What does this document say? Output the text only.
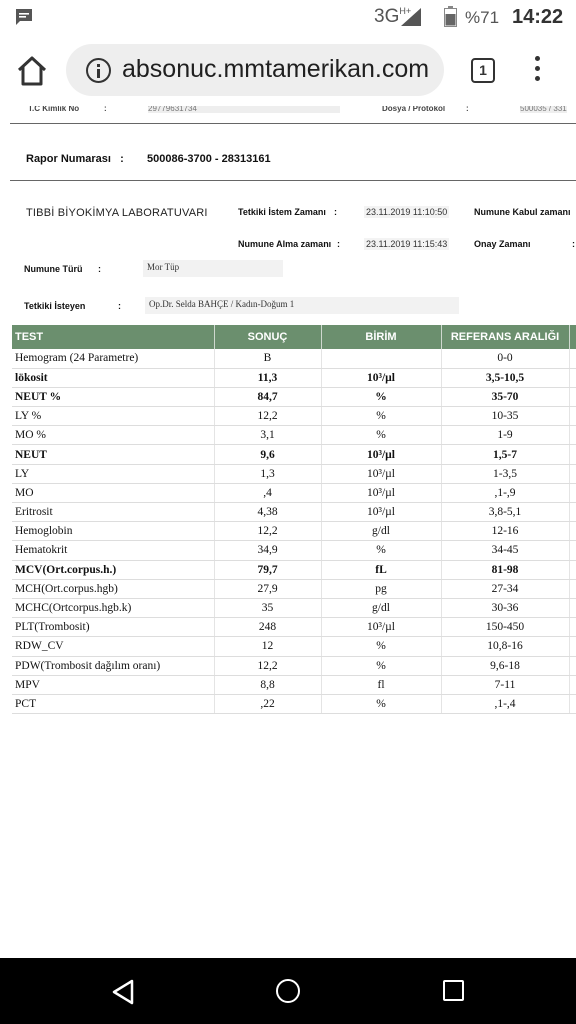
$3G^{H+}$	%71 14:22
absonuc.mmtamerikan.com	1
T.C Kimlik No	:	29779631734	Dosya / Protokol	:	500035 / 331
Rapor Numarası : 500086-3700 - 28313161
TIBBİ BİYOKİMYA LABORATUVARI	Tetkiki İstem Zamanı :	23.11.2019 11:10:50	Numune Kabul zamanı
Numune Alma zamanı :	23.11.2019 11:15:43	Onay Zamanı	:
Numune Türü :	Mor Tüp
Tetkiki İsteyen	:	Op.Dr. Selda BAHÇE / Kadın-Doğum 1
TEST	SONUÇ	BİRİM	REFERANS ARALIĞI	
Hemogram (24 Parametre)	B		0-0	
lökosit	11,3	10³/µl	3,5-10,5	
NEUT %	84,7	%	35-70	
LY %	12,2	%	10-35	
MO %	3,1	%	1-9	
NEUT	9,6	10³/µl	1,5-7	
LY	1,3	10³/µl	1-3,5	
MO	,4	10³/µl	,1-,9	
Eritrosit	4,38	10³/µl	3,8-5,1	
Hemoglobin	12,2	g/dl	12-16	
Hematokrit	34,9	%	34-45	
MCV(Ort.corpus.h.)	79,7	fL	81-98	
MCH(Ort.corpus.hgb)	27,9	pg	27-34	
MCHC(Ortcorpus.hgb.k)	35	g/dl	30-36	
PLT(Trombosit)	248	10³/µl	150-450	
RDW_CV	12	%	10,8-16	
PDW(Trombosit dağılım oranı)	12,2	%	9,6-18	
MPV	8,8	fl	7-11	
PCT	,22	%	,1-,4	
